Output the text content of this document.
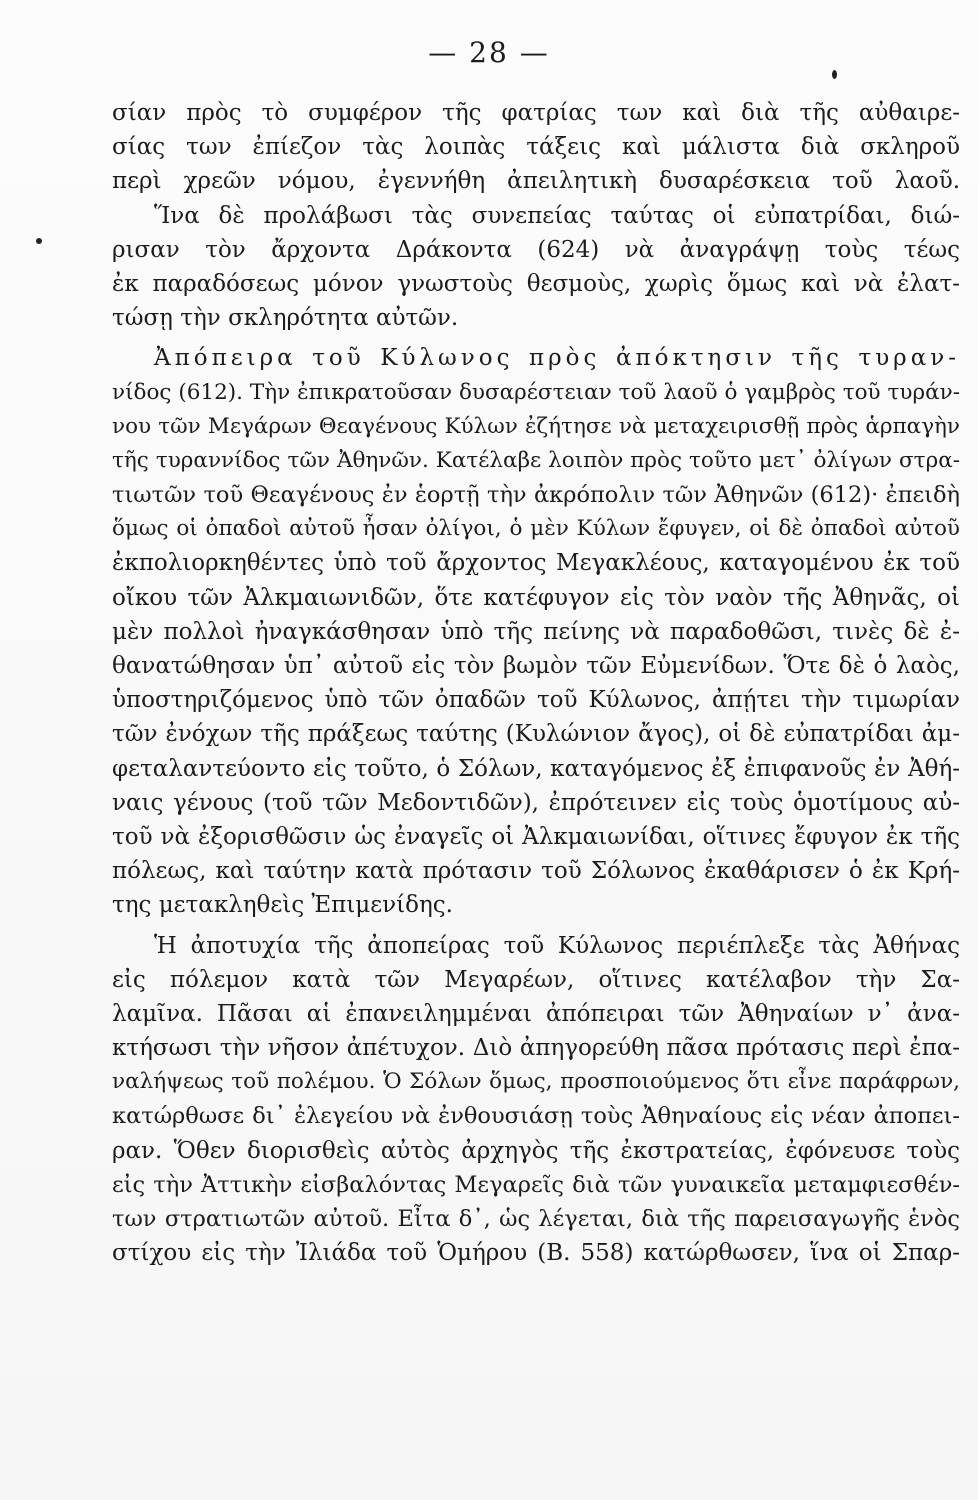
— 28 —
σίαν πρὸς τὸ συμφέρον τῆς φατρίας των καὶ διὰ τῆς αὐθαιρε-
σίας των ἐπίεζον τὰς λοιπὰς τάξεις καὶ μάλιστα διὰ σκληροῦ
περὶ χρεῶν νόμου, ἐγεννήθη ἀπειλητικὴ δυσαρέσκεια τοῦ λαοῦ.
Ἵνα δὲ προλάβωσι τὰς συνεπείας ταύτας οἱ εὐπατρίδαι, διώ-
ρισαν τὸν ἄρχοντα Δράκοντα (624) νὰ ἀναγράψῃ τοὺς τέως
ἐκ παραδόσεως μόνον γνωστοὺς θεσμοὺς, χωρὶς ὅμως καὶ νὰ ἐλατ-
τώσῃ τὴν σκληρότητα αὐτῶν.
Ἀπόπειρα τοῦ Κύλωνος πρὸς ἀπόκτησιν τῆς τυραν-
νίδος (612). Τὴν ἐπικρατοῦσαν δυσαρέστειαν τοῦ λαοῦ ὁ γαμβρὸς τοῦ τυράν-
νου τῶν Μεγάρων Θεαγένους Κύλων ἐζήτησε νὰ μεταχειρισθῇ πρὸς ἁρπαγὴν
τῆς τυραννίδος τῶν Ἀθηνῶν. Κατέλαβε λοιπὸν πρὸς τοῦτο μετ᾽ ὀλίγων στρα-
τιωτῶν τοῦ Θεαγένους ἐν ἑορτῇ τὴν ἀκρόπολιν τῶν Ἀθηνῶν (612)· ἐπειδὴ
ὅμως οἱ ὀπαδοὶ αὐτοῦ ἦσαν ὀλίγοι, ὁ μὲν Κύλων ἔφυγεν, οἱ δὲ ὀπαδοὶ αὐτοῦ
ἐκπολιορκηθέντες ὑπὸ τοῦ ἄρχοντος Μεγακλέους, καταγομένου ἐκ τοῦ
οἴκου τῶν Ἀλκμαιωνιδῶν, ὅτε κατέφυγον εἰς τὸν ναὸν τῆς Ἀθηνᾶς, οἱ
μὲν πολλοὶ ἠναγκάσθησαν ὑπὸ τῆς πείνης νὰ παραδοθῶσι, τινὲς δὲ ἐ-
θανατώθησαν ὑπ᾽ αὐτοῦ εἰς τὸν βωμὸν τῶν Εὐμενίδων. Ὅτε δὲ ὁ λαὸς,
ὑποστηριζόμενος ὑπὸ τῶν ὀπαδῶν τοῦ Κύλωνος, ἀπῄτει τὴν τιμωρίαν
τῶν ἐνόχων τῆς πράξεως ταύτης (Κυλώνιον ἄγος), οἱ δὲ εὐπατρίδαι ἀμ-
φεταλαντεύοντο εἰς τοῦτο, ὁ Σόλων, καταγόμενος ἐξ ἐπιφανοῦς ἐν Ἀθή-
ναις γένους (τοῦ τῶν Μεδοντιδῶν), ἐπρότεινεν εἰς τοὺς ὁμοτίμους αὐ-
τοῦ νὰ ἐξορισθῶσιν ὡς ἐναγεῖς οἱ Ἀλκμαιωνίδαι, οἵτινες ἔφυγον ἐκ τῆς
πόλεως, καὶ ταύτην κατὰ πρότασιν τοῦ Σόλωνος ἐκαθάρισεν ὁ ἐκ Κρή-
της μετακληθεὶς Ἐπιμενίδης.
Ἡ ἀποτυχία τῆς ἀποπείρας τοῦ Κύλωνος περιέπλεξε τὰς Ἀθήνας
εἰς πόλεμον κατὰ τῶν Μεγαρέων, οἵτινες κατέλαβον τὴν Σα-
λαμῖνα. Πᾶσαι αἱ ἐπανειλημμέναι ἀπόπειραι τῶν Ἀθηναίων ν᾽ ἀνα-
κτήσωσι τὴν νῆσον ἀπέτυχον. Διὸ ἀπηγορεύθη πᾶσα πρότασις περὶ ἐπα-
ναλήψεως τοῦ πολέμου. Ὁ Σόλων ὅμως, προσποιούμενος ὅτι εἶνε παράφρων,
κατώρθωσε δι᾽ ἐλεγείου νὰ ἐνθουσιάσῃ τοὺς Ἀθηναίους εἰς νέαν ἀποπει-
ραν. Ὅθεν διορισθεὶς αὐτὸς ἀρχηγὸς τῆς ἐκστρατείας, ἐφόνευσε τοὺς
εἰς τὴν Ἀττικὴν εἰσβαλόντας Μεγαρεῖς διὰ τῶν γυναικεῖα μεταμφιεσθέν-
των στρατιωτῶν αὐτοῦ. Εἶτα δ᾽, ὡς λέγεται, διὰ τῆς παρεισαγωγῆς ἑνὸς
στίχου εἰς τὴν Ἰλιάδα τοῦ Ὁμήρου (Β. 558) κατώρθωσεν, ἵνα οἱ Σπαρ-
